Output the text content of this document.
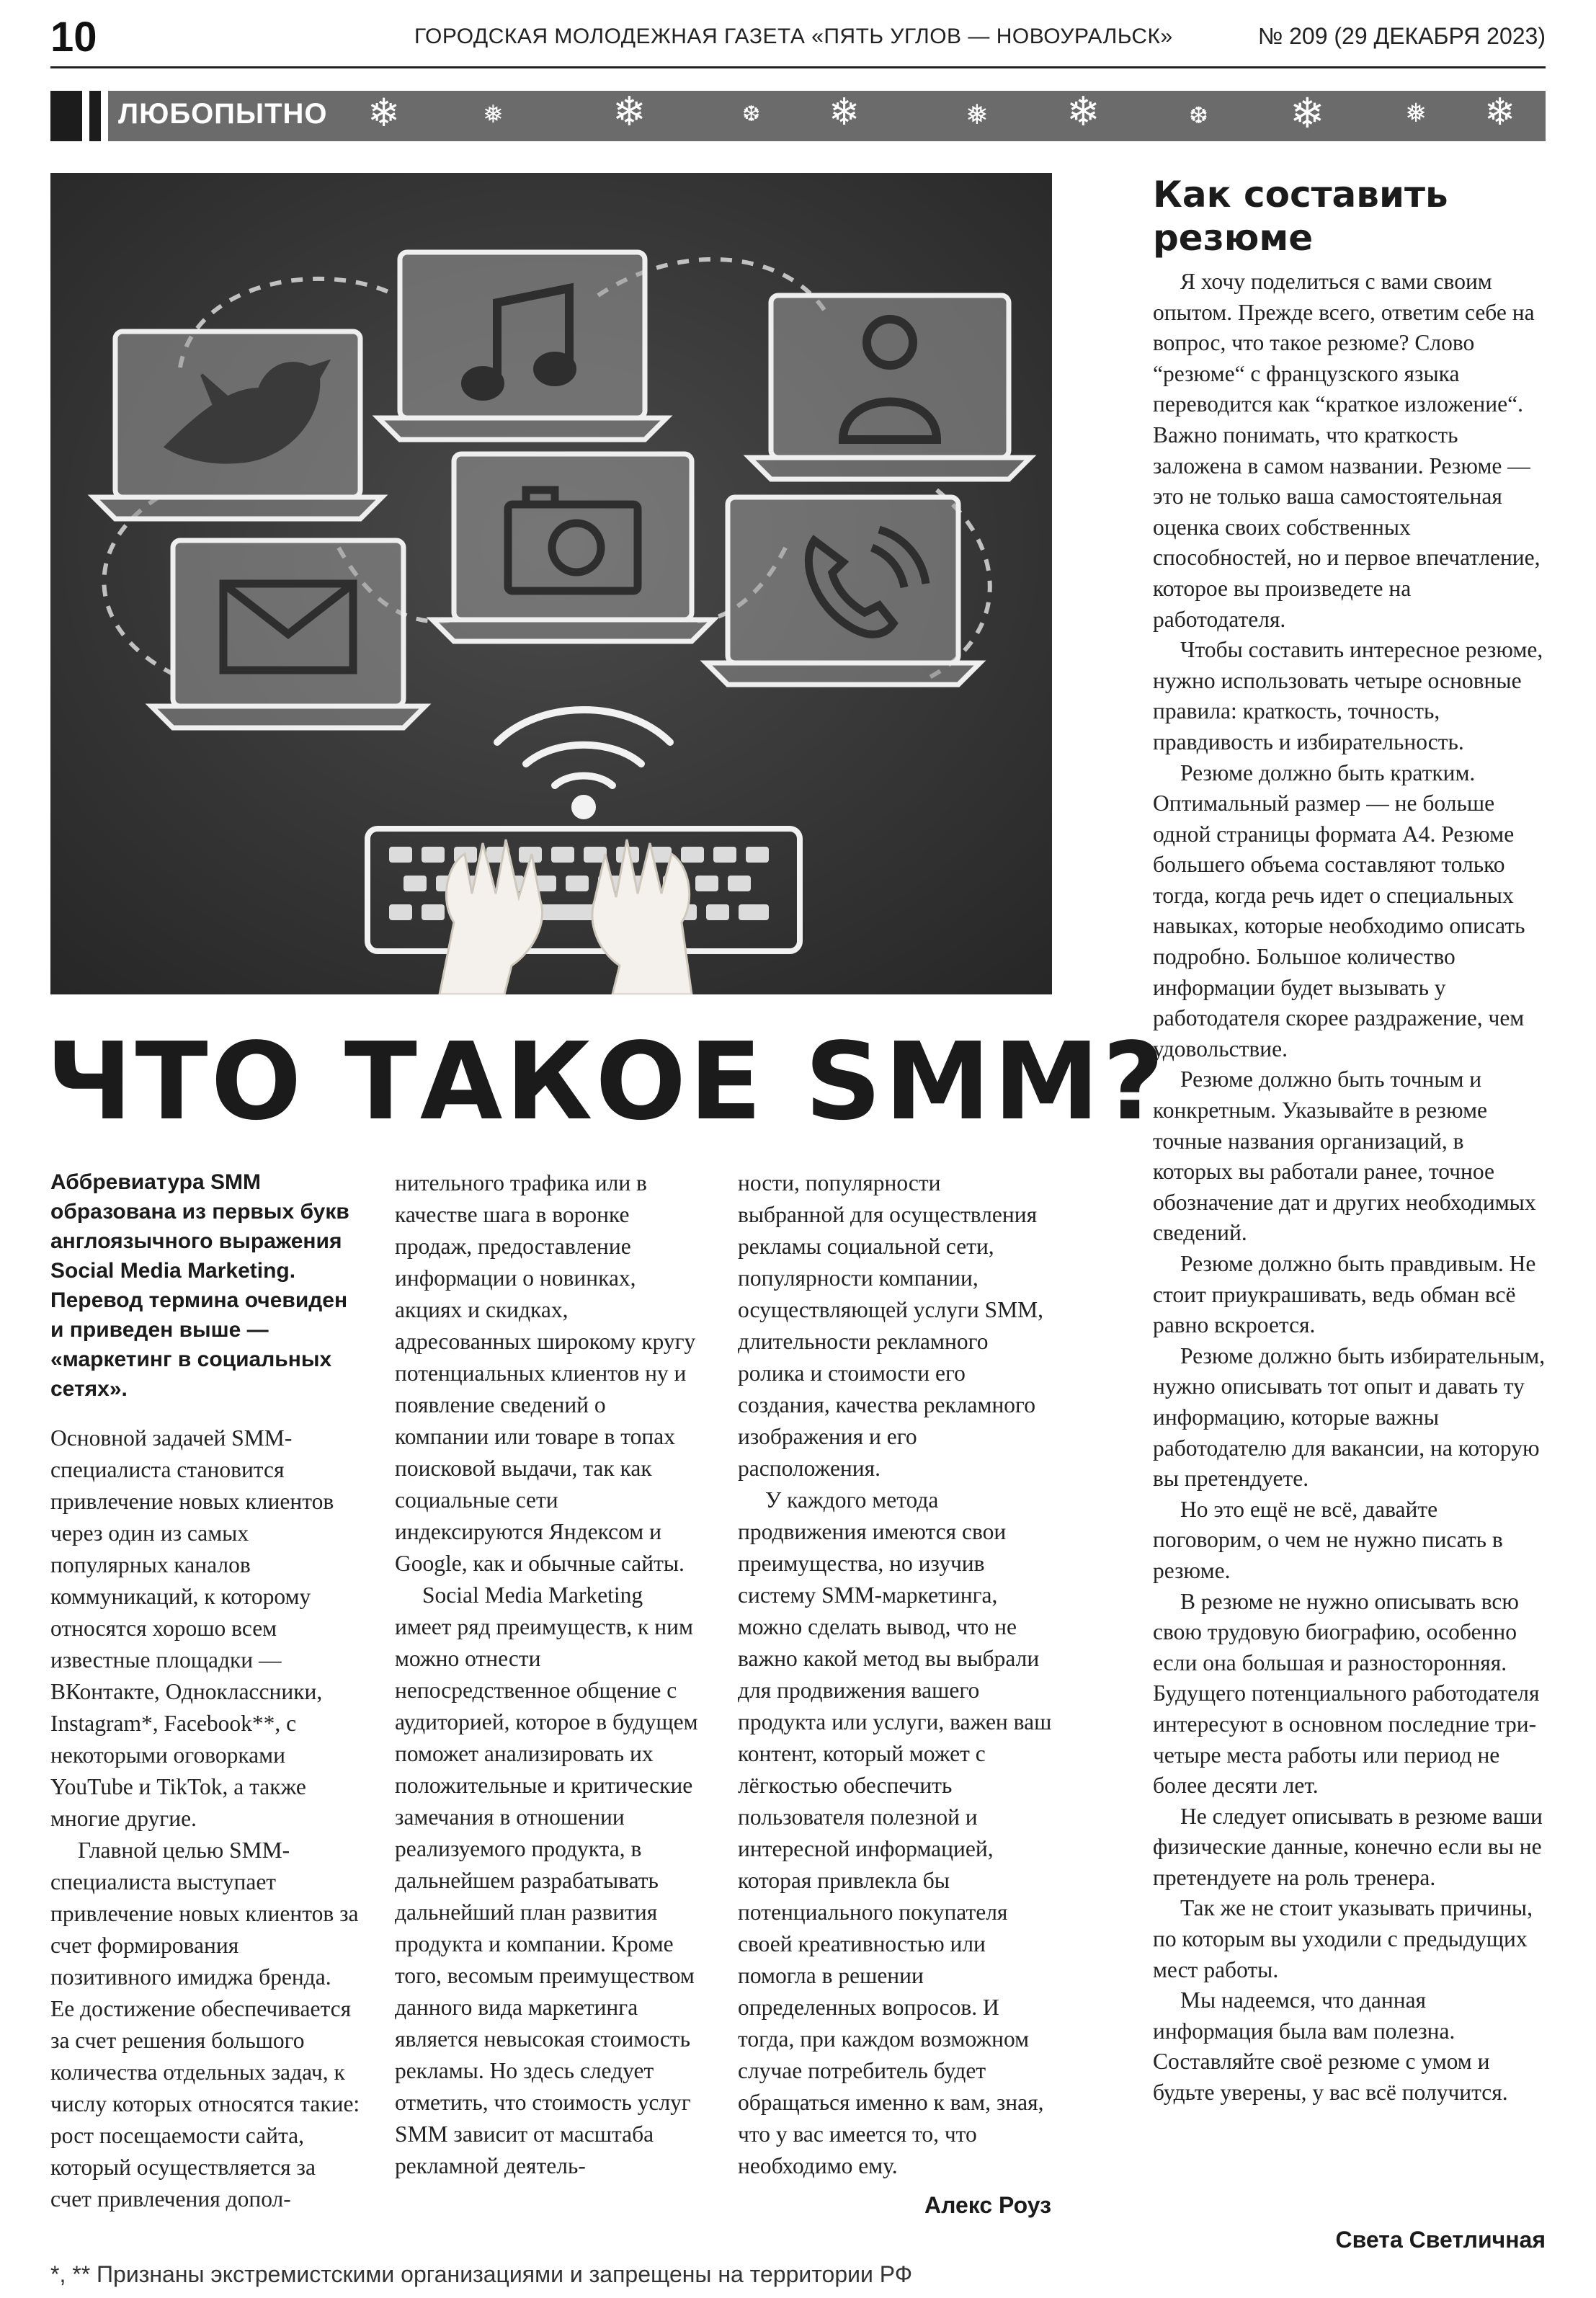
10	ГОРОДСКАЯ МОЛОДЕЖНАЯ ГАЗЕТА «ПЯТЬ УГЛОВ — НОВОУРАЛЬСК»	№ 209 (29 ДЕКАБРЯ 2023)
ЛЮБОПЫТНО ❄	❅	❄	❆ ❄	❅ ❄	❆ ❄	❅ ❄
ЧТО ТАКОЕ SMM?

Аббревиатура SMM образована из первых букв англоязычного выражения Social Media Marketing. Перевод термина очевиден и приведен выше — «маркетинг в социальных сетях».

Основной задачей SMM-специалиста становится привлечение новых клиентов через один из самых популярных каналов коммуникаций, к которому относятся хорошо всем известные площадки — ВКонтакте, Одноклассники, Instagram*, Facebook**, с некоторыми оговорками YouTube и TikTok, а также многие другие.

Главной целью SMM-специалиста выступает привлечение новых клиентов за счет формирования позитивного имиджа бренда. Ее достижение обеспечивается за счет решения большого количества отдельных задач, к числу которых относятся такие: рост посещаемости сайта, который осуществляется за счет привлечения допол-

нительного трафика или в качестве шага в воронке продаж, предоставление информации о новинках, акциях и скидках, адресованных широкому кругу потенциальных клиентов ну и появление сведений о компании или товаре в топах поисковой выдачи, так как социальные сети индексируются Яндексом и Google, как и обычные сайты.

Social Media Marketing имеет ряд преимуществ, к ним можно отнести непосредственное общение с аудиторией, которое в будущем поможет анализировать их положительные и критические замечания в отношении реализуемого продукта, в дальнейшем разрабатывать дальнейший план развития продукта и компании. Кроме того, весомым преимуществом данного вида маркетинга является невысокая стоимость рекламы. Но здесь следует отметить, что стоимость услуг SMM зависит от масштаба рекламной деятель-

ности, популярности выбранной для осуществления рекламы социальной сети, популярности компании, осуществляющей услуги SMM, длительности рекламного ролика и стоимости его создания, качества рекламного изображения и его расположения.

У каждого метода продвижения имеются свои преимущества, но изучив систему SMM-маркетинга, можно сделать вывод, что не важно какой метод вы выбрали для продвижения вашего продукта или услуги, важен ваш контент, который может с лёгкостью обеспечить пользователя полезной и интересной информацией, которая привлекла бы потенциального покупателя своей креативностью или помогла в решении определенных вопросов. И тогда, при каждом возможном случае потребитель будет обращаться именно к вам, зная, что у вас имеется то, что необходимо ему.

Алекс Роуз
Как составить резюме

Я хочу поделиться с вами своим опытом. Прежде всего, ответим себе на вопрос, что такое резюме? Слово “резюме“ с французского языка переводится как “краткое изложение“. Важно понимать, что краткость заложена в самом названии. Резюме — это не только ваша самостоятельная оценка своих собственных способностей, но и первое впечатление, которое вы произведете на работодателя.

Чтобы составить интересное резюме, нужно использовать четыре основные правила: краткость, точность, правдивость и избирательность.

Резюме должно быть кратким. Оптимальный размер — не больше одной страницы формата А4. Резюме большего объема составляют только тогда, когда речь идет о специальных навыках, которые необходимо описать подробно. Большое количество информации будет вызывать у работодателя скорее раздражение, чем удовольствие.

Резюме должно быть точным и конкретным. Указывайте в резюме точные названия организаций, в которых вы работали ранее, точное обозначение дат и других необходимых сведений.

Резюме должно быть правдивым. Не стоит приукрашивать, ведь обман всё равно вскроется.

Резюме должно быть избирательным, нужно описывать тот опыт и давать ту информацию, которые важны работодателю для вакансии, на которую вы претендуете.

Но это ещё не всё, давайте поговорим, о чем не нужно писать в резюме.

В резюме не нужно описывать всю свою трудовую биографию, особенно если она большая и разносторонняя. Будущего потенциального работодателя интересуют в основном последние три-четыре места работы или период не более десяти лет.

Не следует описывать в резюме ваши физические данные, конечно если вы не претендуете на роль тренера.

Так же не стоит указывать причины, по которым вы уходили с предыдущих мест работы.

Мы надеемся, что данная информация была вам полезна. Составляйте своё резюме с умом и будьте уверены, у вас всё получится.

Света Светличная
*, ** Признаны экстремистскими организациями и запрещены на территории РФ
